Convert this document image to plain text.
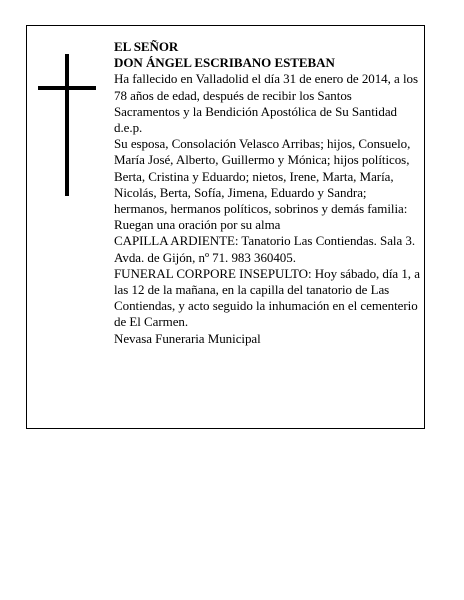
EL SEÑOR

DON ÁNGEL ESCRIBANO ESTEBAN

Ha fallecido en Valladolid el día 31 de enero de 2014, a los 78 años de edad, después de recibir los Santos Sacramentos y la Bendición Apostólica de Su Santidad d.e.p.

Su esposa, Consolación Velasco Arribas; hijos, Consuelo, María José, Alberto, Guillermo y Mónica; hijos políticos, Berta, Cristina y Eduardo; nietos, Irene, Marta, María, Nicolás, Berta, Sofía, Jimena, Eduardo y Sandra; hermanos, hermanos políticos, sobrinos y demás familia:

Ruegan una oración por su alma

CAPILLA ARDIENTE: Tanatorio Las Contiendas. Sala 3. Avda. de Gijón, nº 71. 983 360405.

FUNERAL CORPORE INSEPULTO: Hoy sábado, día 1, a las 12 de la mañana, en la capilla del tanatorio de Las Contiendas, y acto seguido la inhumación en el cementerio de El Carmen.

Nevasa Funeraria Municipal
